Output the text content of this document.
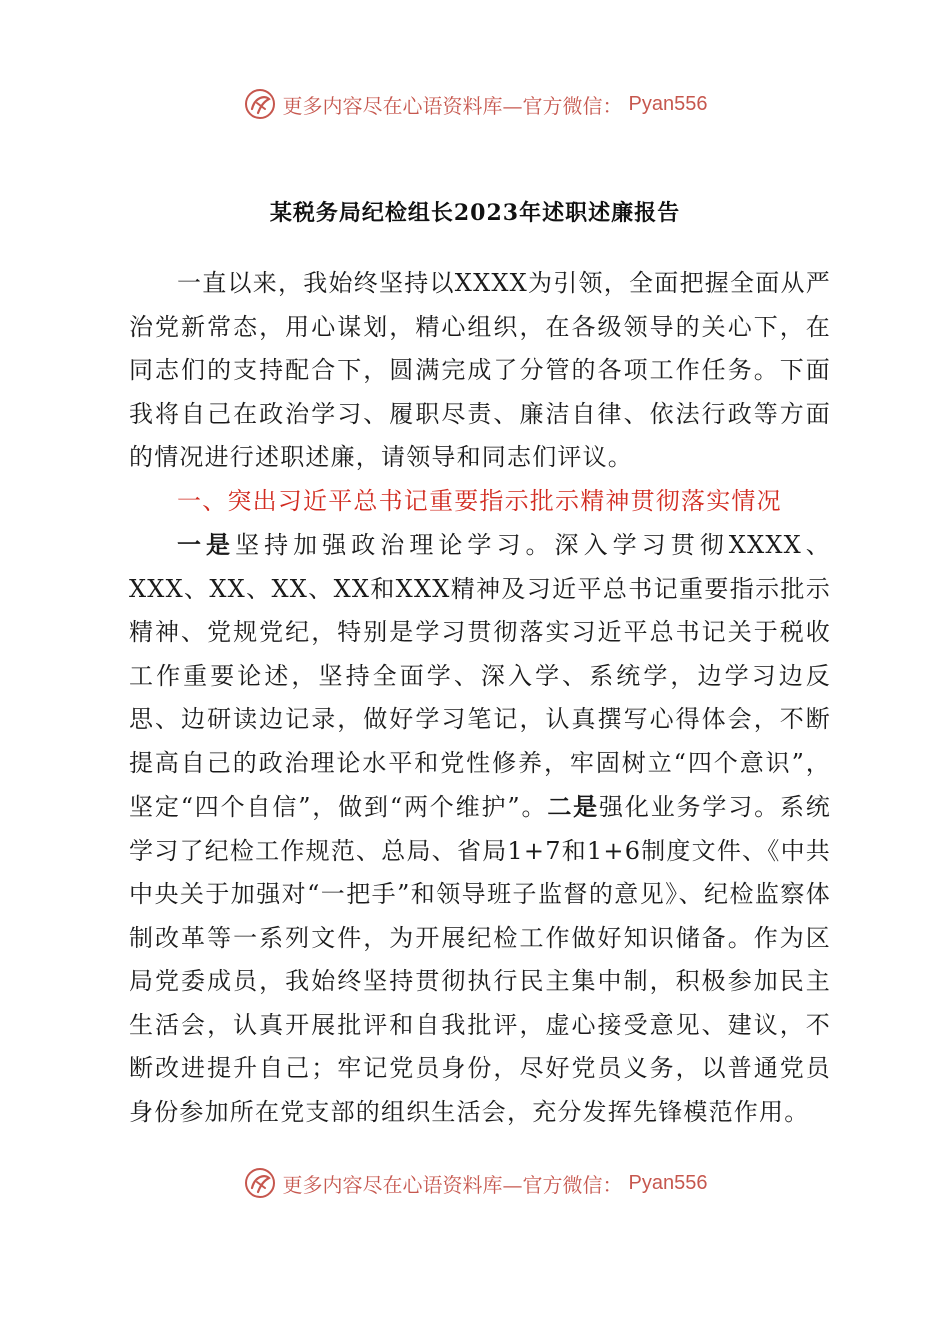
更多内容尽在心语资料库—官方微信： Pyan556
某税务局纪检组长2023年述职述廉报告

一直以来，我始终坚持以XXXX为引领，全面把握全面从严治党新常态，用心谋划，精心组织，在各级领导的关心下，在同志们的支持配合下，圆满完成了分管的各项工作任务。下面我将自己在政治学习、履职尽责、廉洁自律、依法行政等方面的情况进行述职述廉，请领导和同志们评议。

一、突出习近平总书记重要指示批示精神贯彻落实情况

一是坚持加强政治理论学习。深入学习贯彻XXXX、XXX、XX、XX、XX和XXX精神及习近平总书记重要指示批示精神、党规党纪，特别是学习贯彻落实习近平总书记关于税收工作重要论述，坚持全面学、深入学、系统学，边学习边反思、边研读边记录，做好学习笔记，认真撰写心得体会，不断提高自己的政治理论水平和党性修养，牢固树立“四个意识”，坚定“四个自信”，做到“两个维护”。二是强化业务学习。系统学习了纪检工作规范、总局、省局1+7和1+6制度文件、《中共中央关于加强对“一把手”和领导班子监督的意见》、纪检监察体制改革等一系列文件，为开展纪检工作做好知识储备。作为区局党委成员，我始终坚持贯彻执行民主集中制，积极参加民主生活会，认真开展批评和自我批评，虚心接受意见、建议，不断改进提升自己；牢记党员身份，尽好党员义务，以普通党员身份参加所在党支部的组织生活会，充分发挥先锋模范作用。

更多内容尽在心语资料库—官方微信： Pyan556
